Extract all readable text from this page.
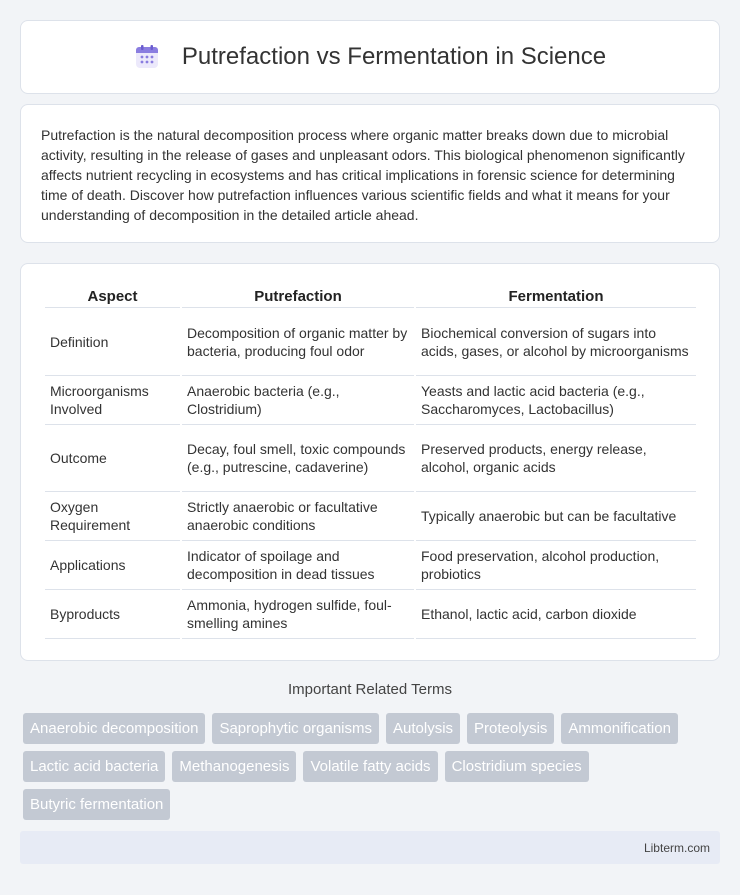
Putrefaction vs Fermentation in Science

Putrefaction is the natural decomposition process where organic matter breaks down due to microbial activity, resulting in the release of gases and unpleasant odors. This biological phenomenon significantly affects nutrient recycling in ecosystems and has critical implications in forensic science for determining time of death. Discover how putrefaction influences various scientific fields and what it means for your understanding of decomposition in the detailed article ahead.

Aspect	Putrefaction	Fermentation
Definition	Decomposition of organic matter by bacteria, producing foul odor	Biochemical conversion of sugars into acids, gases, or alcohol by microorganisms
Microorganisms Involved	Anaerobic bacteria (e.g., Clostridium)	Yeasts and lactic acid bacteria (e.g., Saccharomyces, Lactobacillus)
Outcome	Decay, foul smell, toxic compounds (e.g., putrescine, cadaverine)	Preserved products, energy release, alcohol, organic acids
Oxygen Requirement	Strictly anaerobic or facultative anaerobic conditions	Typically anaerobic but can be facultative
Applications	Indicator of spoilage and decomposition in dead tissues	Food preservation, alcohol production, probiotics
Byproducts	Ammonia, hydrogen sulfide, foul-smelling amines	Ethanol, lactic acid, carbon dioxide
Important Related Terms
Anaerobic decomposition	Saprophytic organisms	Autolysis	Proteolysis	Ammonification
Lactic acid bacteria	Methanogenesis	Volatile fatty acids	Clostridium species
Butyric fermentation
Libterm.com
